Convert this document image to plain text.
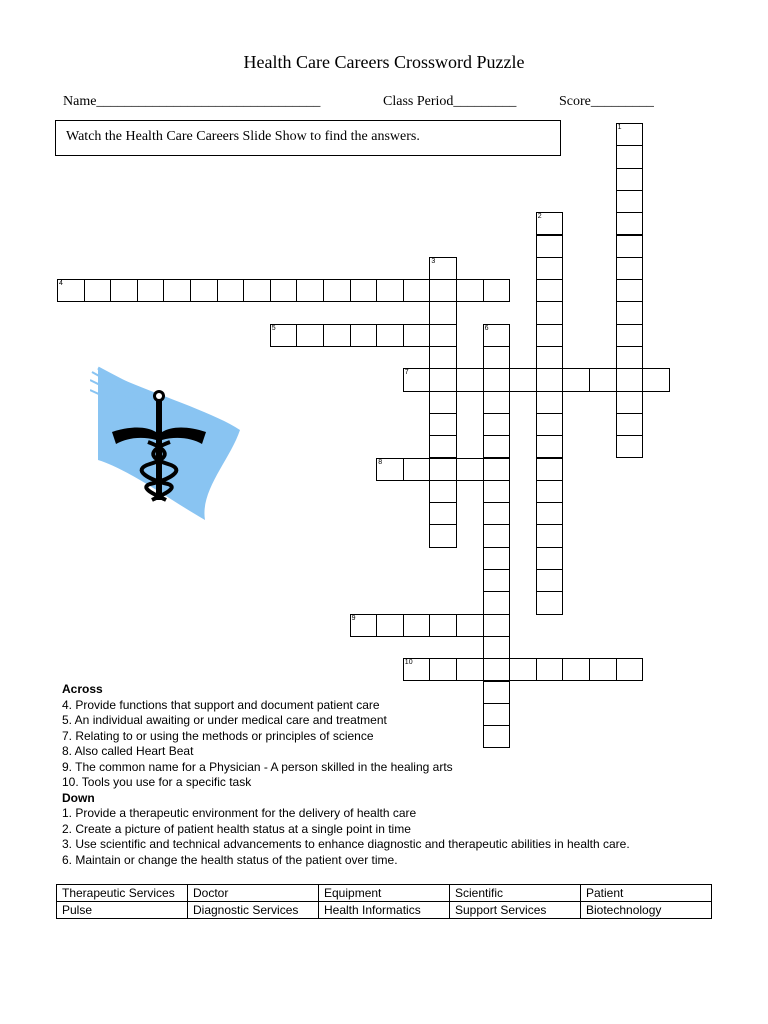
Health Care Careers Crossword Puzzle
Name________________________________	Class Period_________	Score_________
Watch the Health Care Careers Slide Show to find the answers.
1
2
3
4
5	6
7
8
9
10
Across
4. Provide functions that support and document patient care
5. An individual awaiting or under medical care and treatment
7. Relating to or using the methods or principles of science
8. Also called Heart Beat
9. The common name for a Physician - A person skilled in the healing arts
10. Tools you use for a specific task
Down
1. Provide a therapeutic environment for the delivery of health care
2. Create a picture of patient health status at a single point in time
3. Use scientific and technical advancements to enhance diagnostic and therapeutic abilities in health care.
6. Maintain or change the health status of the patient over time.
Therapeutic Services	Doctor	Equipment	Scientific	Patient
Pulse	Diagnostic Services	Health Informatics	Support Services	Biotechnology
